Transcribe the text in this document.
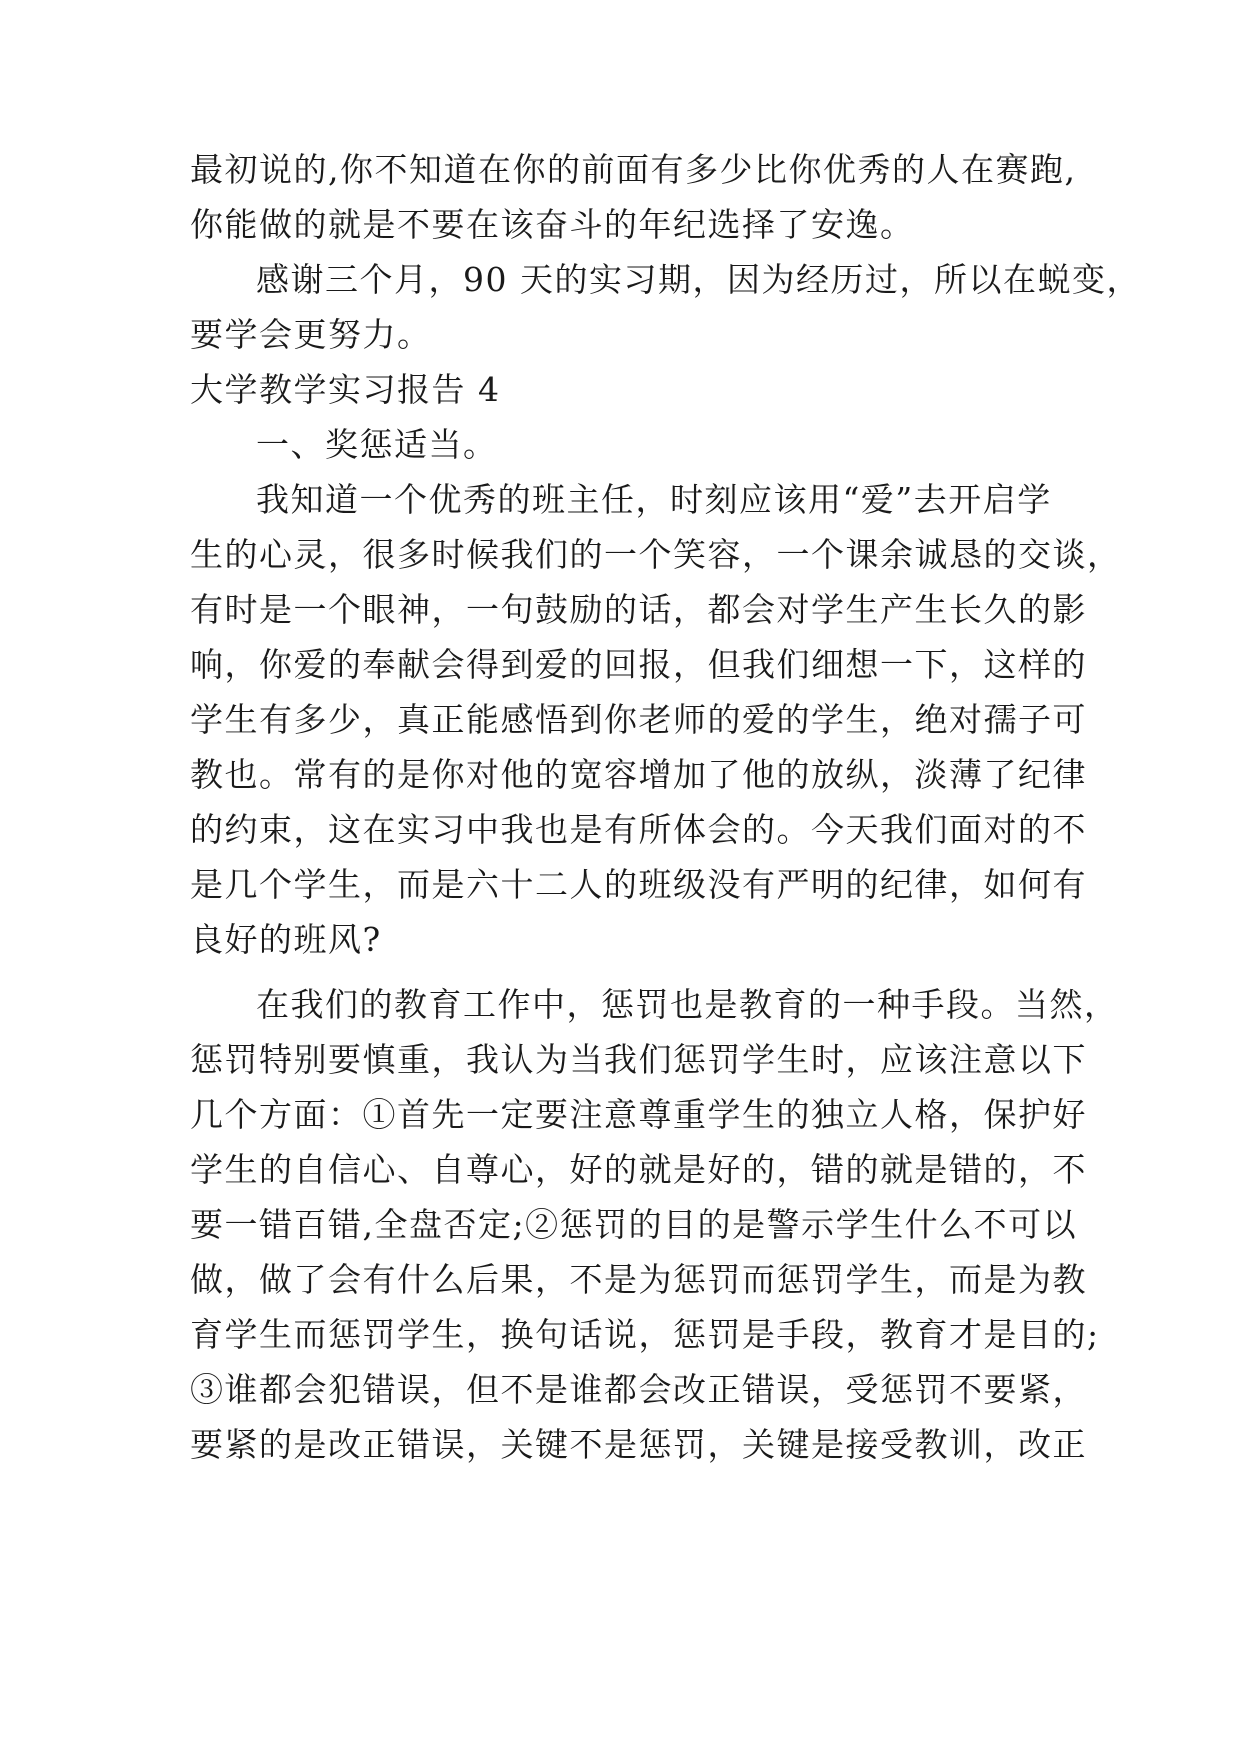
最初说的,你不知道在你的前面有多少比你优秀的人在赛跑,
你能做的就是不要在该奋斗的年纪选择了安逸。
感谢三个月，90 天的实习期，因为经历过，所以在蜕变，
要学会更努力。
大学教学实习报告 4
一、奖惩适当。
我知道一个优秀的班主任，时刻应该用“爱”去开启学
生的心灵，很多时候我们的一个笑容，一个课余诚恳的交谈，
有时是一个眼神，一句鼓励的话，都会对学生产生长久的影
响，你爱的奉献会得到爱的回报，但我们细想一下，这样的
学生有多少，真正能感悟到你老师的爱的学生，绝对孺子可
教也。常有的是你对他的宽容增加了他的放纵，淡薄了纪律
的约束，这在实习中我也是有所体会的。今天我们面对的不
是几个学生，而是六十二人的班级没有严明的纪律，如何有
良好的班风?
在我们的教育工作中，惩罚也是教育的一种手段。当然，
惩罚特别要慎重，我认为当我们惩罚学生时，应该注意以下
几个方面：①首先一定要注意尊重学生的独立人格，保护好
学生的自信心、自尊心，好的就是好的，错的就是错的，不
要一错百错,全盘否定;②惩罚的目的是警示学生什么不可以
做，做了会有什么后果，不是为惩罚而惩罚学生，而是为教
育学生而惩罚学生，换句话说，惩罚是手段，教育才是目的;
③谁都会犯错误，但不是谁都会改正错误，受惩罚不要紧，
要紧的是改正错误，关键不是惩罚，关键是接受教训，改正
